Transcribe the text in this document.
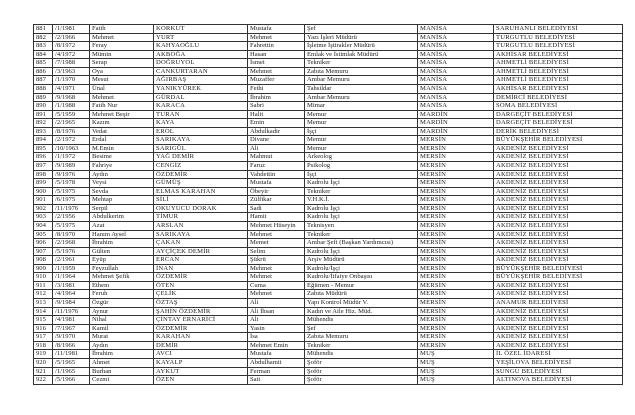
881	/1/1981	Fatih	KORKUT	Mustafa	Şef	MANİSA	SARUHANLI BELEDİYESİ
882	/2/1966	Mehmet	YURT	Mehmet	Yazı İşleri Müdürü	MANİSA	TURGUTLU BELEDİYESİ
883	/8/1972	Feray	KAHYAOĞLU	Fahrettin	İşletme İştirakler Müdürü	MANİSA	TURGUTLU BELEDİYESİ
884	/4/1972	Mümin	AKBOĞA	Hasan	Emlak ve İstimlak Müdürü	MANİSA	AKHİSAR BELEDİYESİ
885	/7/1988	Serap	DOĞRUYOL	İsmet	Tekniker	MANİSA	AHMETLİ BELEDİYESİ
886	/3/1963	Oya	CANKURTARAN	Mehmet	Zabıta Memuru	MANİSA	AHMETLİ BELEDİYESİ
887	/1/1970	Mesut	AĞIRBAŞ	Muzaffer	Ambar Memuru	MANİSA	AHMETLİ BELEDİYESİ
888	/4/1971	Ünal	YANIKYÜREK	Fethi	Tahsildar	MANİSA	AKHİSAR BELEDİYESİ
889	/9/1968	Mehmet	GÜRDAL	İbrahim	Ambar Memuru	MANİSA	DEMİRCİ BELEDİYESİ
890	/1/1988	Fatih Nur	KARACA	Sabri	Mimar	MANİSA	SOMA BELEDİYESİ
891	/5/1959	Mehmet Beşir	TURAN	Halit	Memur	MARDİN	DARGEÇİT BELEDİYESİ
892	/2/1965	Kazım	KAYA	Emin	Memur	MARDİN	DARGEÇİT BELEDİYESİ
893	/8/1976	Vedat	EROL	Abdulkadir	İşçi	MARDİN	DERİK BELEDİYESİ
894	/2/1972	Erdal	SARIKAYA	Divane	Memur	MERSİN	BÜYÜKŞEHİR BELEDİYESİ
895	/10/1963	M.Emin	SARIGÜL	Ali	Memur	MERSİN	AKDENİZ BELEDİYESİ
896	/1/1972	Besime	YAĞ DEMİR	Mahmut	Arkeolog	MERSİN	AKDENİZ BELEDİYESİ
897	/9/1989	Fahriye	CENGİZ	Faruz	Psikolog	MERSİN	AKDENİZ BELEDİYESİ
898	/9/1976	Aydın	ÖZDEMİR	Vahdettin	İşçi	MERSİN	AKDENİZ BELEDİYESİ
899	/5/1978	Veysi	GÜMÜŞ	Mustafa	Kadrolu İşçi	MERSİN	AKDENİZ BELEDİYESİ
900	/5/1975	Sevda	ELMAS KARAHAN	Öbeyir	Tekniker	MERSİN	AKDENİZ BELEDİYESİ
901	/6/1975	Mehtap	SİLİ	Zülfikar	V.H.K.İ.	MERSİN	AKDENİZ BELEDİYESİ
902	/11/1976	Serpil	OKUYUCU DORAK	Sadi	Kadrolu İşçi	MERSİN	AKDENİZ BELEDİYESİ
903	/2/1956	Abdulkerim	TİMUR	Hamit	Kadrolu İşçi	MERSİN	AKDENİZ BELEDİYESİ
904	/5/1975	Azat	ARSLAN	Mehmet Hüseyin	Teknisyen	MERSİN	AKDENİZ BELEDİYESİ
905	/8/1970	Hanım Aysel	SARIKAYA	Mehmet	Tekniker	MERSİN	AKDENİZ BELEDİYESİ
906	/2/1968	İbrahim	ÇAKAN	Memet	Ambar Şefi (Başkan Yardımcısı)	MERSİN	AKDENİZ BELEDİYESİ
907	/5/1976	Gülten	AYÇİÇEK DEMİR	Selim	Kadrolu İşçi	MERSİN	AKDENİZ BELEDİYESİ
908	/2/1961	Eyüp	ERCAN	Şükrü	Arşiv Müdürü	MERSİN	AKDENİZ BELEDİYESİ
909	/1/1959	Feyzullah	İNAN	Mehmet	Kadrolu/İşçi	MERSİN	BÜYÜKŞEHİR BELEDİYESİ
910	/1/1964	Mehmet Şefik	ÖZDEMİR	Mehmet	Kadrolu/İtfaiye Onbaşısı	MERSİN	BÜYÜKŞEHİR BELEDİYESİ
911	/3/1981	Ethem	ÖTEN	Cuma	Eğitmen - Memur	MERSİN	AKDENİZ BELEDİYESİ
912	/4/1964	Feruh	ÇELİK	Mehmet	Zabıta Müdürü	MERSİN	AKDENİZ BELEDİYESİ
913	/9/1984	Özgür	ÖZTAŞ	Ali	Yapı Kontrol Müdür V.	MERSİN	ANAMUR BELEDİYESİ
914	/11/1976	Aynur	ŞAHİN ÖZDEMİR	Ali İhsan	Kadın ve Aile Hiz. Müd.	MERSİN	AKDENİZ BELEDİYESİ
915	/4/1981	Nihal	ÇİNTAY ERNARİCİ	Ali	Mühendis	MERSİN	AKDENİZ BELEDİYESİ
916	/7/1967	Kamil	ÖZDEMİR	Yasin	Şef	MERSİN	AKDENİZ BELEDİYESİ
917	/9/1970	Murat	KARAHAN	İsa	Zabıta Memuru	MERSİN	AKDENİZ BELEDİYESİ
918	/8/1966	Aydın	DEMİR	Mehmet Emin	Tekniker	MERSİN	AKDENİZ BELEDİYESİ
919	/11/1981	İbrahim	AVCI	Mustafa	Mühendis	MUŞ	İL ÖZEL İDARESİ
920	/5/1965	Ahmet	KAYALP	Abdulhamit	Şoför	MUŞ	YEŞİLOVA BELEDİYESİ
921	/1/1965	Burhan	AYKUT	Ferman	Şoför	MUŞ	SUNGU BELEDİYESİ
922	/5/1966	Cezmi	ÖZEN	Sait	Şoför	MUŞ	ALTINOVA BELEDİYESİ
